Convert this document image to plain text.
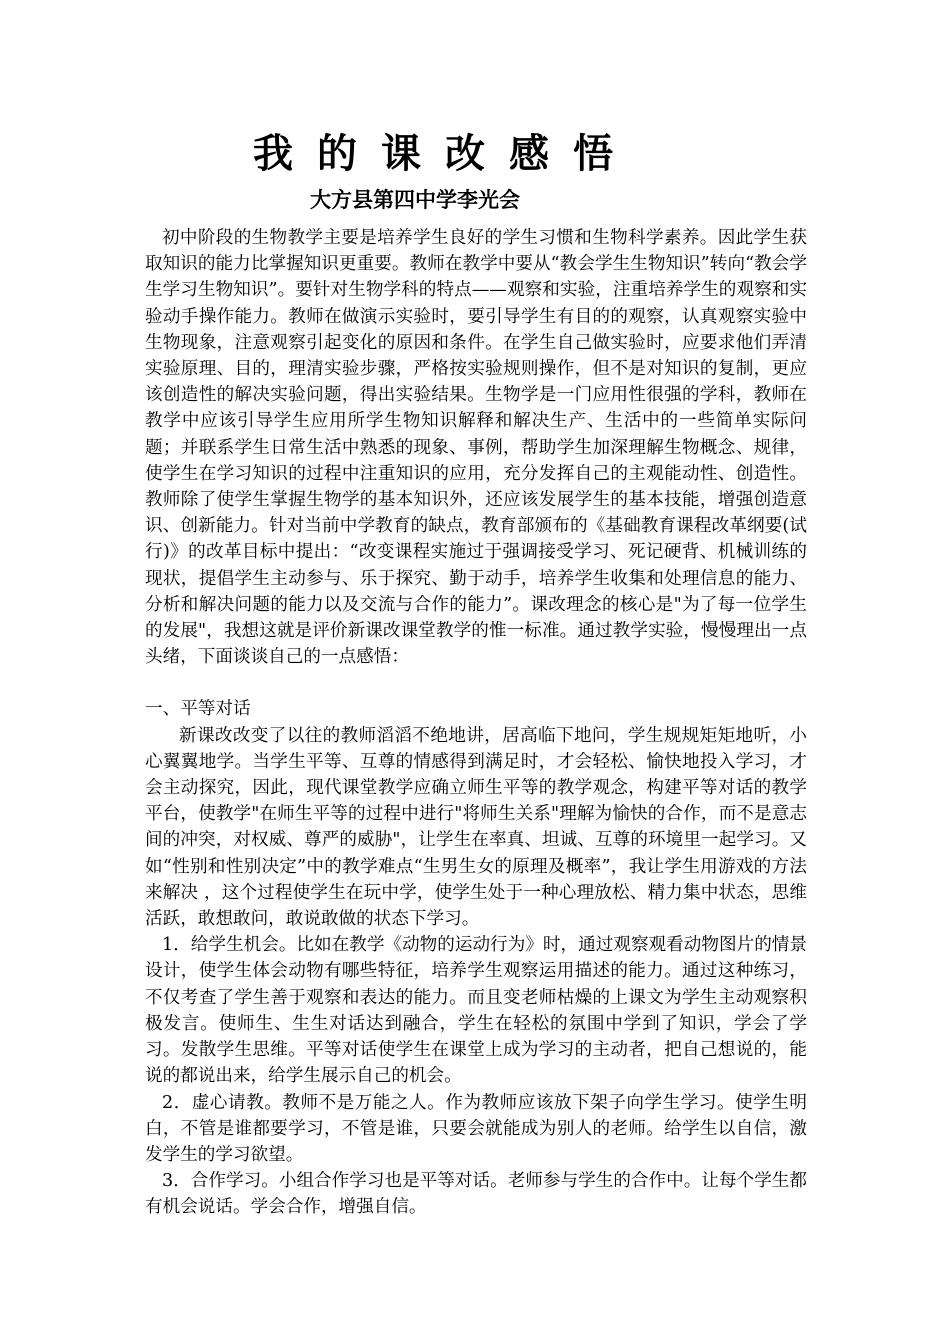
我的课改感悟
大方县第四中学李光会

初中阶段的生物教学主要是培养学生良好的学生习惯和生物科学素养。因此学生获取知识的能力比掌握知识更重要。教师在教学中要从“教会学生生物知识”转向“教会学生学习生物知识”。要针对生物学科的特点——观察和实验，注重培养学生的观察和实验动手操作能力。教师在做演示实验时，要引导学生有目的的观察，认真观察实验中生物现象，注意观察引起变化的原因和条件。在学生自己做实验时，应要求他们弄清实验原理、目的，理清实验步骤，严格按实验规则操作，但不是对知识的复制，更应该创造性的解决实验问题，得出实验结果。生物学是一门应用性很强的学科，教师在教学中应该引导学生应用所学生物知识解释和解决生产、生活中的一些简单实际问题；并联系学生日常生活中熟悉的现象、事例，帮助学生加深理解生物概念、规律，使学生在学习知识的过程中注重知识的应用，充分发挥自己的主观能动性、创造性。教师除了使学生掌握生物学的基本知识外，还应该发展学生的基本技能，增强创造意识、创新能力。针对当前中学教育的缺点，教育部颁布的《基础教育课程改革纲要(试行)》的改革目标中提出：“改变课程实施过于强调接受学习、死记硬背、机械训练的现状，提倡学生主动参与、乐于探究、勤于动手，培养学生收集和处理信息的能力、分析和解决问题的能力以及交流与合作的能力”。课改理念的核心是"为了每一位学生的发展"，我想这就是评价新课改课堂教学的惟一标准。通过教学实验，慢慢理出一点头绪，下面谈谈自己的一点感悟：

一、平等对话

新课改改变了以往的教师滔滔不绝地讲，居高临下地问，学生规规矩矩地听，小心翼翼地学。当学生平等、互尊的情感得到满足时，才会轻松、愉快地投入学习，才会主动探究，因此，现代课堂教学应确立师生平等的教学观念，构建平等对话的教学平台，使教学"在师生平等的过程中进行"将师生关系"理解为愉快的合作，而不是意志间的冲突，对权威、尊严的威胁"，让学生在率真、坦诚、互尊的环境里一起学习。又如“性别和性别决定”中的教学难点“生男生女的原理及概率”，我让学生用游戏的方法来解决 ，这个过程使学生在玩中学，使学生处于一种心理放松、精力集中状态，思维活跃，敢想敢问，敢说敢做的状态下学习。

1．给学生机会。比如在教学《动物的运动行为》时，通过观察观看动物图片的情景设计，使学生体会动物有哪些特征，培养学生观察运用描述的能力。通过这种练习，不仅考查了学生善于观察和表达的能力。而且变老师枯燥的上课文为学生主动观察积极发言。使师生、生生对话达到融合，学生在轻松的氛围中学到了知识，学会了学习。发散学生思维。平等对话使学生在课堂上成为学习的主动者，把自己想说的，能说的都说出来，给学生展示自己的机会。

2．虚心请教。教师不是万能之人。作为教师应该放下架子向学生学习。使学生明白，不管是谁都要学习，不管是谁，只要会就能成为别人的老师。给学生以自信，激发学生的学习欲望。

3．合作学习。小组合作学习也是平等对话。老师参与学生的合作中。让每个学生都有机会说话。学会合作，增强自信。
